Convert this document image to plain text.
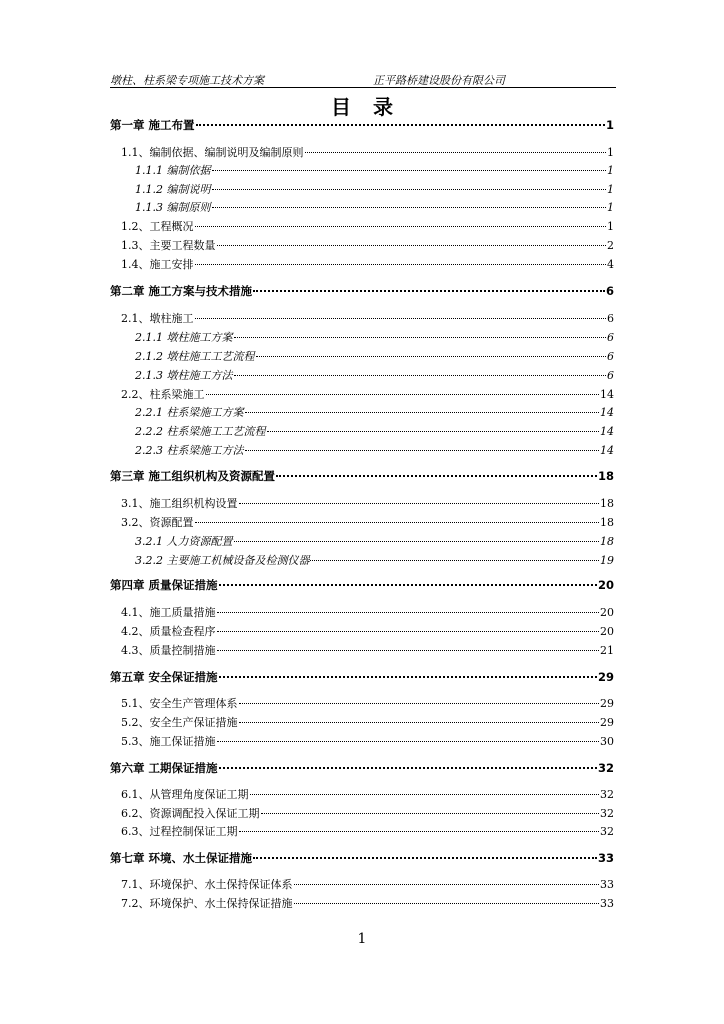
墩柱、柱系梁专项施工技术方案	正平路桥建设股份有限公司
目录
第一章 施工布置	1
1.1、编制依据、编制说明及编制原则	1
1.1.1 编制依据	1
1.1.2 编制说明	1
1.1.3 编制原则	1
1.2、工程概况	1
1.3、主要工程数量	2
1.4、施工安排	4
第二章 施工方案与技术措施	6
2.1、墩柱施工	6
2.1.1 墩柱施工方案	6
2.1.2 墩柱施工工艺流程	6
2.1.3 墩柱施工方法	6
2.2、柱系梁施工	14
2.2.1 柱系梁施工方案	14
2.2.2 柱系梁施工工艺流程	14
2.2.3 柱系梁施工方法	14
第三章 施工组织机构及资源配置	18
3.1、施工组织机构设置	18
3.2、资源配置	18
3.2.1 人力资源配置	18
3.2.2 主要施工机械设备及检测仪器	19
第四章 质量保证措施	20
4.1、施工质量措施	20
4.2、质量检查程序	20
4.3、质量控制措施	21
第五章 安全保证措施	29
5.1、安全生产管理体系	29
5.2、安全生产保证措施	29
5.3、施工保证措施	30
第六章 工期保证措施	32
6.1、从管理角度保证工期	32
6.2、资源调配投入保证工期	32
6.3、过程控制保证工期	32
第七章 环境、水土保证措施	33
7.1、环境保护、水土保持保证体系	33
7.2、环境保护、水土保持保证措施	33
1
